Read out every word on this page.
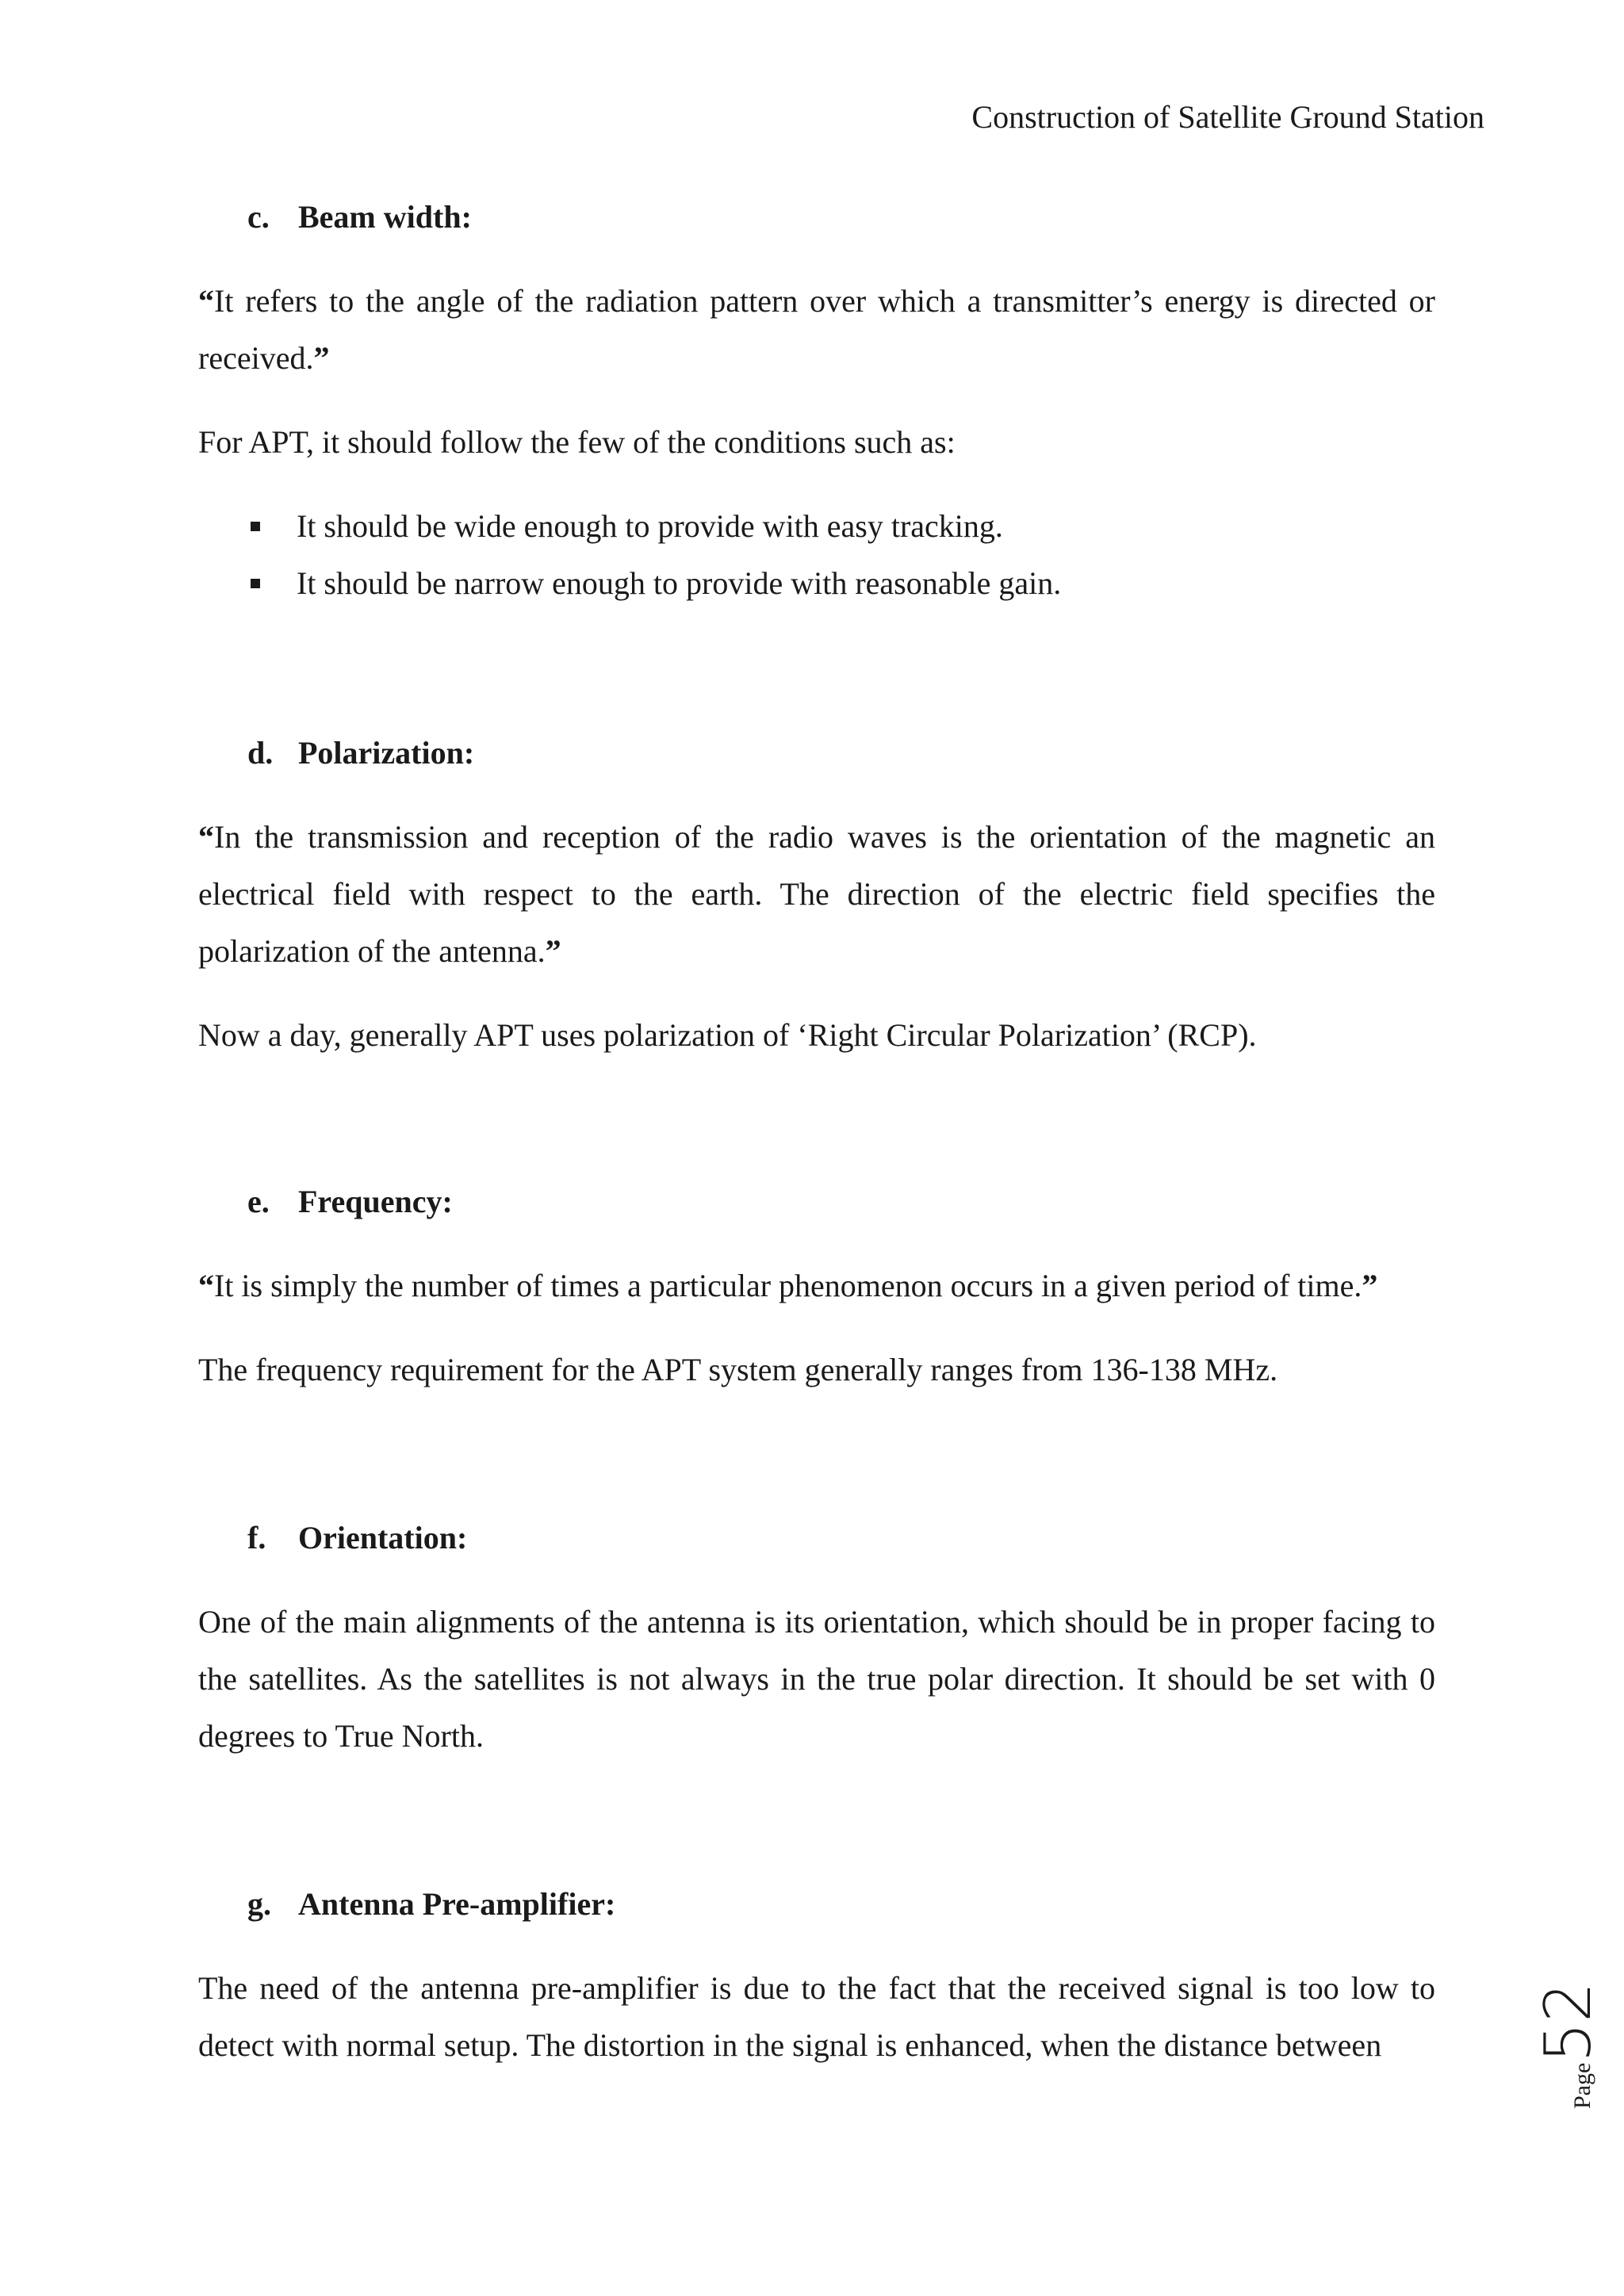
Construction of Satellite Ground Station
c. Beam width:
“It refers to the angle of the radiation pattern over which a transmitter’s energy is directed or received.”
For APT, it should follow the few of the conditions such as:
It should be wide enough to provide with easy tracking.
It should be narrow enough to provide with reasonable gain.
d. Polarization:
“In the transmission and reception of the radio waves is the orientation of the magnetic an electrical field with respect to the earth. The direction of the electric field specifies the polarization of the antenna.”
Now a day, generally APT uses polarization of ‘Right Circular Polarization’ (RCP).
e. Frequency:
“It is simply the number of times a particular phenomenon occurs in a given period of time.”
The frequency requirement for the APT system generally ranges from 136-138 MHz.
f. Orientation:
One of the main alignments of the antenna is its orientation, which should be in proper facing to the satellites. As the satellites is not always in the true polar direction. It should be set with 0 degrees to True North.
g. Antenna Pre-amplifier:
The need of the antenna pre-amplifier is due to the fact that the received signal is too low to detect with normal setup. The distortion in the signal is enhanced, when the distance between
Page52
